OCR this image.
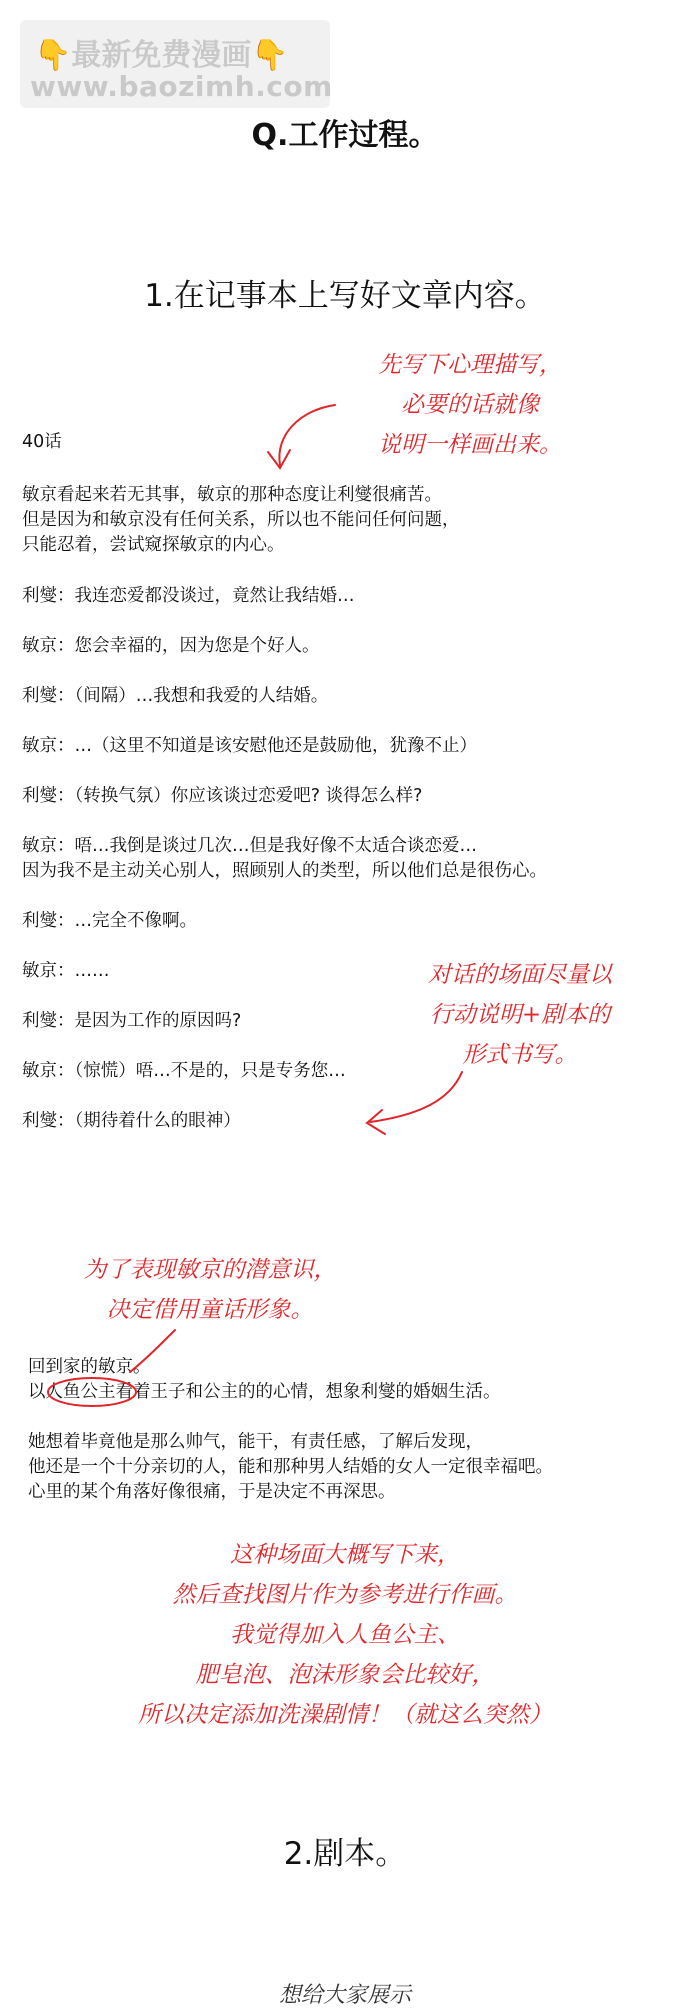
👇最新免费漫画👇
www.baozimh.com
Q.工作过程。
1.在记事本上写好文章内容。
先写下心理描写，
必要的话就像
说明一样画出来。
40话
敏京看起来若无其事，敏京的那种态度让利燮很痛苦。
但是因为和敏京没有任何关系，所以也不能问任何问题，
只能忍着，尝试窥探敏京的内心。
利燮：我连恋爱都没谈过，竟然让我结婚…
敏京：您会幸福的，因为您是个好人。
利燮：（间隔）…我想和我爱的人结婚。
敏京：…（这里不知道是该安慰他还是鼓励他，犹豫不止）
利燮：（转换气氛）你应该谈过恋爱吧? 谈得怎么样?
敏京：唔…我倒是谈过几次…但是我好像不太适合谈恋爱…
因为我不是主动关心别人，照顾别人的类型，所以他们总是很伤心。
利燮：…完全不像啊。
敏京：……
利燮：是因为工作的原因吗?
敏京：（惊慌）唔…不是的，只是专务您…
利燮：（期待着什么的眼神）
对话的场面尽量以
行动说明+剧本的
形式书写。
为了表现敏京的潜意识，
决定借用童话形象。
回到家的敏京。
以人鱼公主看着王子和公主的的心情，想象利燮的婚姻生活。
她想着毕竟他是那么帅气，能干，有责任感，了解后发现，
他还是一个十分亲切的人，能和那种男人结婚的女人一定很幸福吧。
心里的某个角落好像很痛，于是决定不再深思。
这种场面大概写下来，
然后查找图片作为参考进行作画。
我觉得加入人鱼公主、
肥皂泡、泡沫形象会比较好，
所以决定添加洗澡剧情！（就这么突然）
2.剧本。
想给大家展示
